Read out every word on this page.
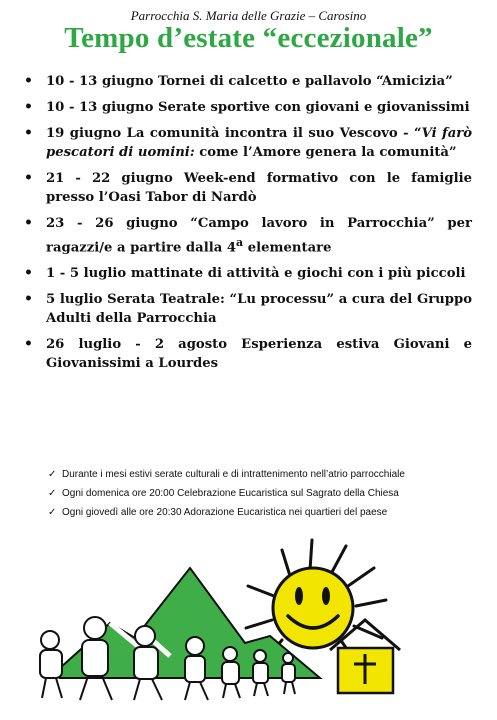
Parrocchia S. Maria delle Grazie – Carosino
Tempo d’estate “eccezionale”
• 10 - 13 giugno Tornei di calcetto e pallavolo “Amicizia”
• 10 - 13 giugno Serate sportive con giovani e giovanissimi
• 19 giugno La comunità incontra il suo Vescovo - “Vi farò pescatori di uomini: come l’Amore genera la comunità”
• 21 - 22 giugno Week-end formativo con le famiglie presso l’Oasi Tabor di Nardò
• 23 - 26 giugno “Campo lavoro in Parrocchia” per ragazzi/e a partire dalla 4$^a$ elementare
• 1 - 5 luglio mattinate di attività e giochi con i più piccoli
• 5 luglio Serata Teatrale: “Lu processu” a cura del Gruppo Adulti della Parrocchia
• 26 luglio - 2 agosto Esperienza estiva Giovani e Giovanissimi a Lourdes
✓ Durante i mesi estivi serate culturali e di intrattenimento nell’atrio parrocchiale
✓ Ogni domenica ore 20:00 Celebrazione Eucaristica sul Sagrato della Chiesa
✓ Ogni giovedì alle ore 20:30 Adorazione Eucaristica nei quartieri del paese
